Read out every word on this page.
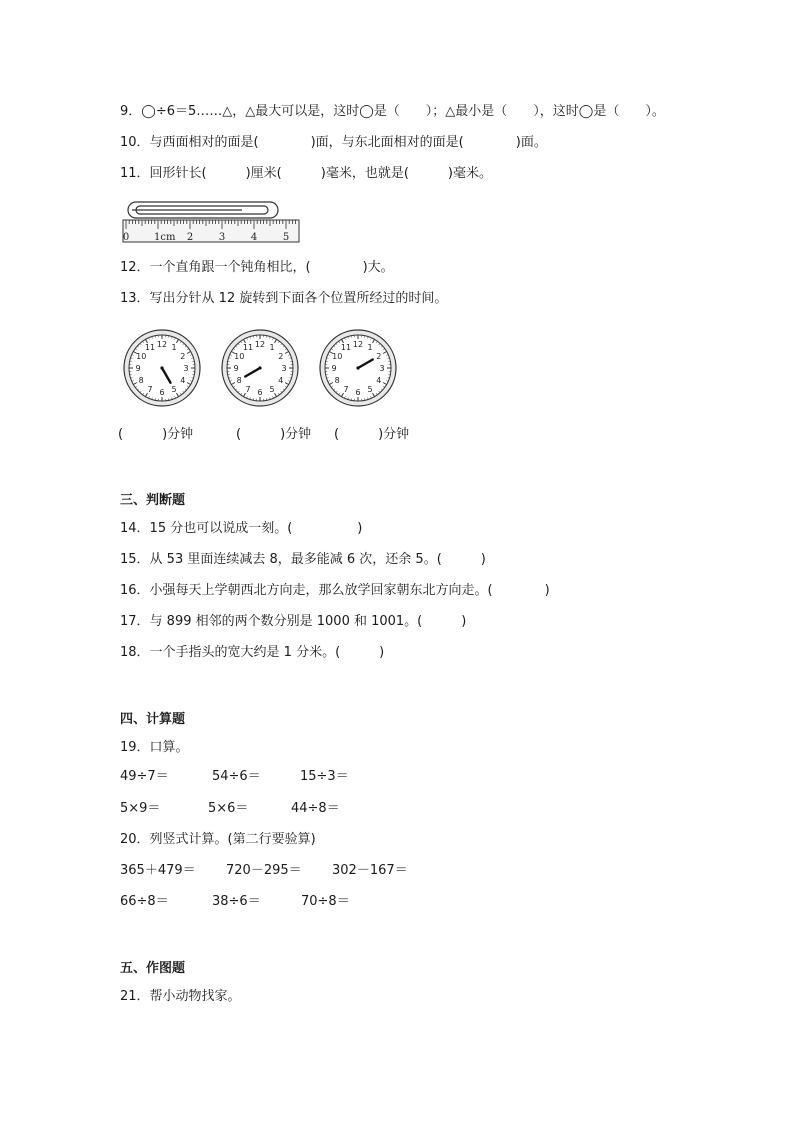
9．◯÷6＝5……△，△最大可以是，这时◯是（　　）；△最小是（　　），这时◯是（　　）。
10．与西面相对的面是(　　　　)面，与东北面相对的面是(　　　　)面。
11．回形针长(　　　)厘米(　　　)毫米，也就是(　　　)毫米。
0 1cm 2	3	4	5
12．一个直角跟一个钝角相比，(　　　　)大。
13．写出分针从 12 旋转到下面各个位置所经过的时间。
12 1
2
3
4
5
6
7
8
9
10
11	12 1
2
3
4
5
6
7
8
9
10
11	12 1
2
3
4
5
6
7
8
9
10
11
(　　　)分钟	(　　　)分钟 (　　　)分钟
三、判断题
14．15 分也可以说成一刻。(　　　　　)
15．从 53 里面连续减去 8，最多能减 6 次，还余 5。(　　　)
16．小强每天上学朝西北方向走，那么放学回家朝东北方向走。(　　　　)
17．与 899 相邻的两个数分别是 1000 和 1001。(　　　)
18．一个手指头的宽大约是 1 分米。(　　　)
四、计算题
19．口算。
49÷7＝	54÷6＝	15÷3＝
5×9＝	5×6＝	44÷8＝
20．列竖式计算。(第二行要验算)
365＋479＝ 720－295＝ 302－167＝
66÷8＝	38÷6＝	70÷8＝
五、作图题
21．帮小动物找家。
